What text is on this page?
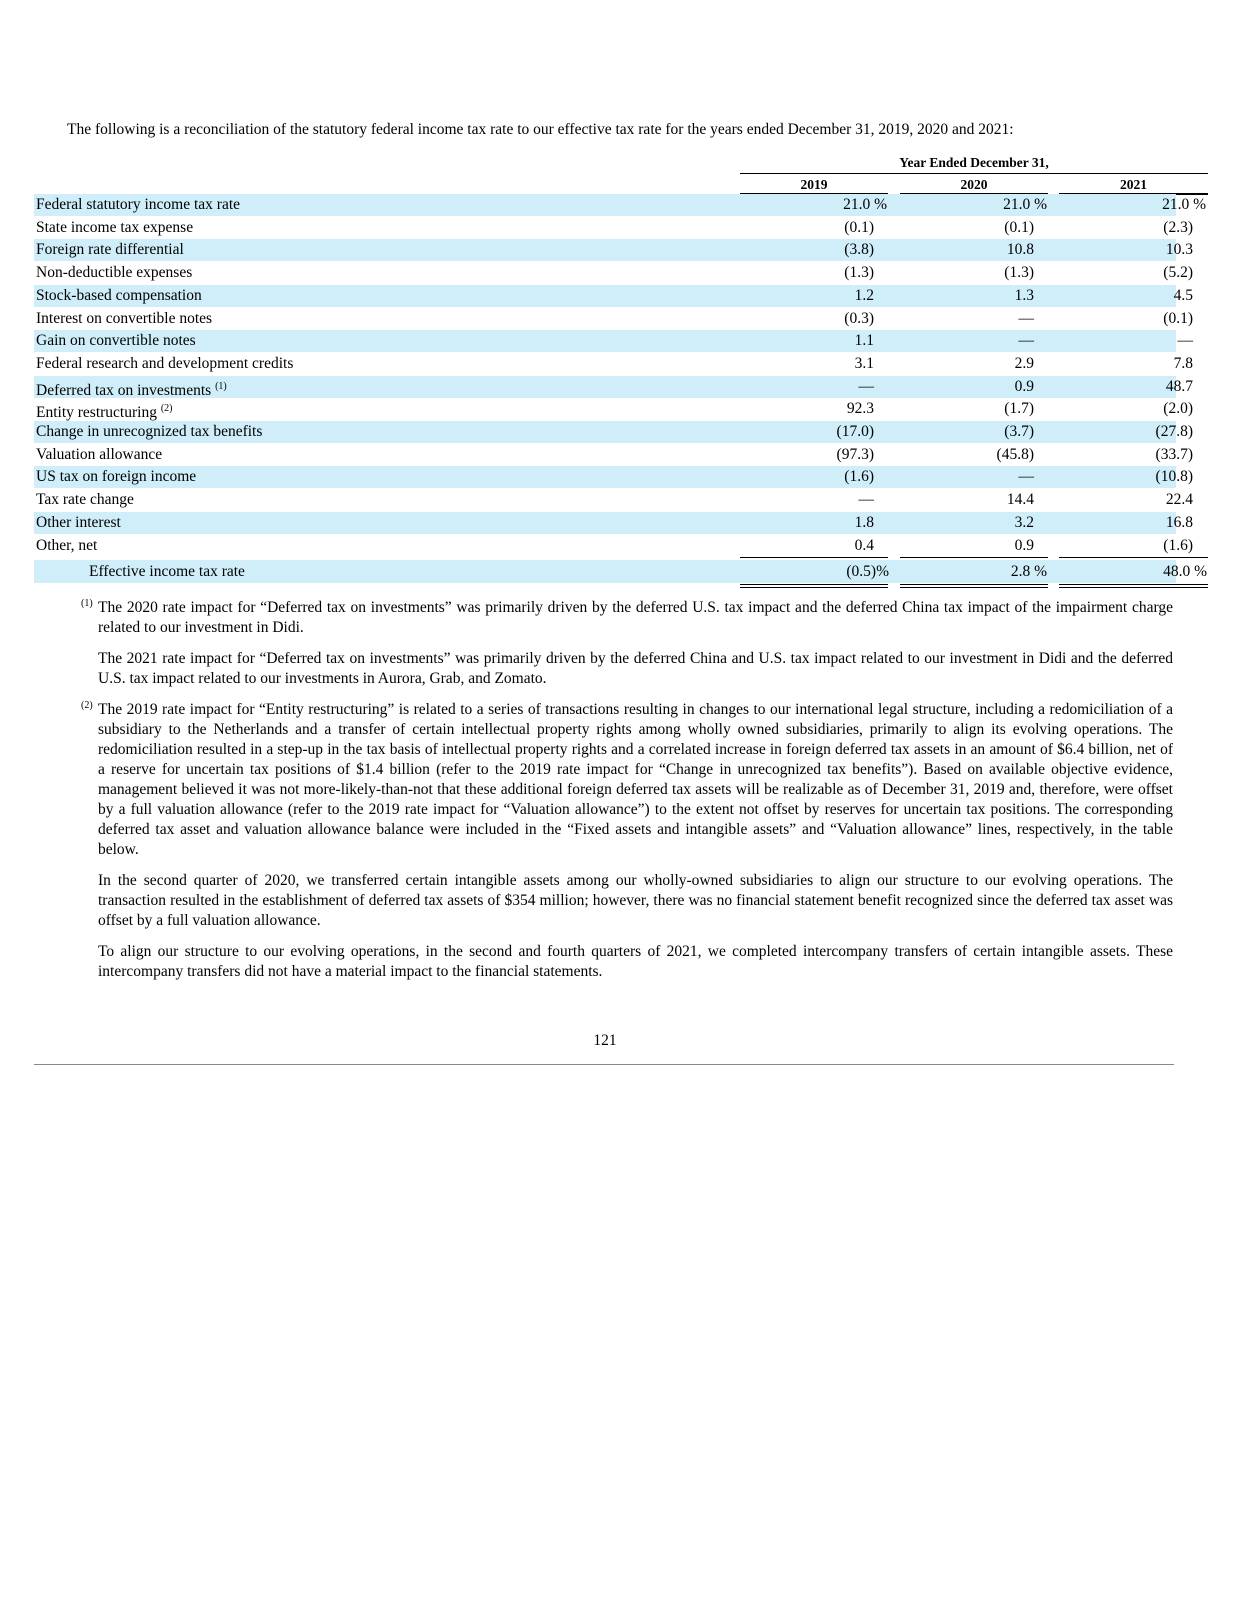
The following is a reconciliation of the statutory federal income tax rate to our effective tax rate for the years ended December 31, 2019, 2020 and 2021:
Year Ended December 31,
2019	2020	2021
Federal statutory income tax rate	21.0 %	21.0 %	21.0 %
State income tax expense	(0.1)	(0.1)	(2.3)
Foreign rate differential	(3.8)	10.8	10.3
Non-deductible expenses	(1.3)	(1.3)	(5.2)
Stock-based compensation	1.2	1.3	4.5
Interest on convertible notes	(0.3)	—	(0.1)
Gain on convertible notes	1.1	—	—
Federal research and development credits	3.1	2.9	7.8
Deferred tax on investments $^{(1)}$	—	0.9	48.7
Entity restructuring $^{(2)}$	92.3	(1.7)	(2.0)
Change in unrecognized tax benefits	(17.0)	(3.7)	(27.8)
Valuation allowance	(97.3)	(45.8)	(33.7)
US tax on foreign income	(1.6)	—	(10.8)
Tax rate change	—	14.4	22.4
Other interest	1.8	3.2	16.8
Other, net	0.4	0.9	(1.6)
Effective income tax rate	(0.5)%	2.8 %	48.0 %

(1) The 2020 rate impact for “Deferred tax on investments” was primarily driven by the deferred U.S. tax impact and the deferred China tax impact of the impairment charge related to our investment in Didi.

The 2021 rate impact for “Deferred tax on investments” was primarily driven by the deferred China and U.S. tax impact related to our investment in Didi and the deferred U.S. tax impact related to our investments in Aurora, Grab, and Zomato.

(2) The 2019 rate impact for “Entity restructuring” is related to a series of transactions resulting in changes to our international legal structure, including a redomiciliation of a subsidiary to the Netherlands and a transfer of certain intellectual property rights among wholly owned subsidiaries, primarily to align its evolving operations. The redomiciliation resulted in a step-up in the tax basis of intellectual property rights and a correlated increase in foreign deferred tax assets in an amount of $6.4 billion, net of a reserve for uncertain tax positions of $1.4 billion (refer to the 2019 rate impact for “Change in unrecognized tax benefits”). Based on available objective evidence, management believed it was not more-likely-than-not that these additional foreign deferred tax assets will be realizable as of December 31, 2019 and, therefore, were offset by a full valuation allowance (refer to the 2019 rate impact for “Valuation allowance”) to the extent not offset by reserves for uncertain tax positions. The corresponding deferred tax asset and valuation allowance balance were included in the “Fixed assets and intangible assets” and “Valuation allowance” lines, respectively, in the table below.

In the second quarter of 2020, we transferred certain intangible assets among our wholly-owned subsidiaries to align our structure to our evolving operations. The transaction resulted in the establishment of deferred tax assets of $354 million; however, there was no financial statement benefit recognized since the deferred tax asset was offset by a full valuation allowance.

To align our structure to our evolving operations, in the second and fourth quarters of 2021, we completed intercompany transfers of certain intangible assets. These intercompany transfers did not have a material impact to the financial statements.

121
